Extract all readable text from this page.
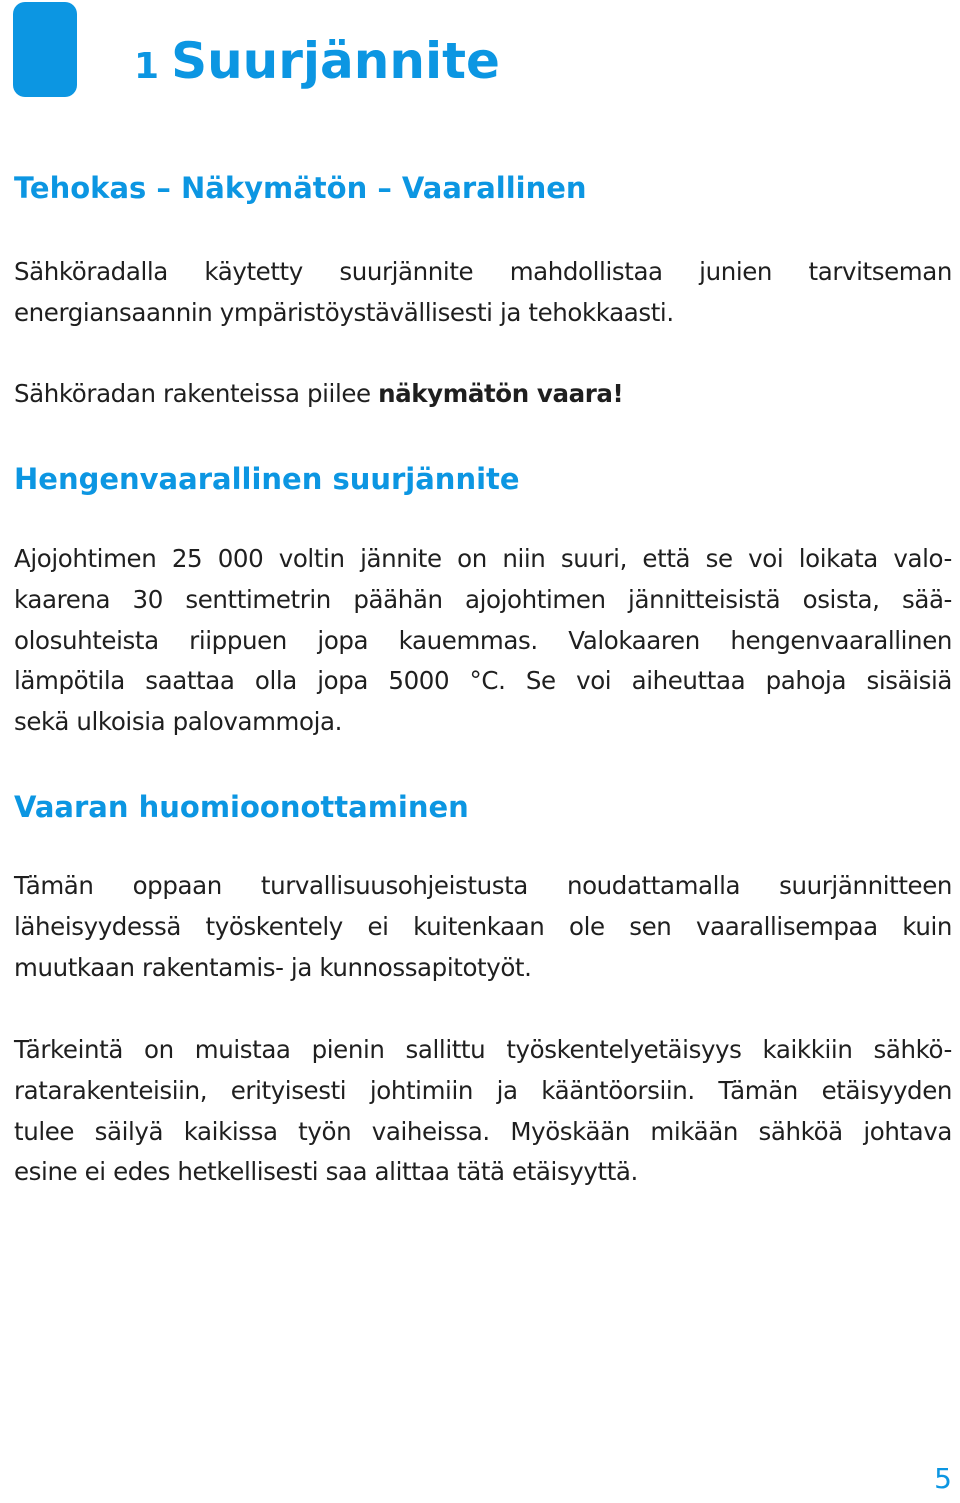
1 Suurjännite
Tehokas – Näkymätön – Vaarallinen

Sähköradalla käytetty suurjännite mahdollistaa junien tarvitseman
energiansaannin ympäristöystävällisesti ja tehokkaasti.

Sähköradan rakenteissa piilee näkymätön vaara!

Hengenvaarallinen suurjännite

Ajojohtimen 25 000 voltin jännite on niin suuri, että se voi loikata valo-
kaarena 30 senttimetrin päähän ajojohtimen jännitteisistä osista, sää-
olosuhteista riippuen jopa kauemmas. Valokaaren hengenvaarallinen
lämpötila saattaa olla jopa 5000 °C. Se voi aiheuttaa pahoja sisäisiä
sekä ulkoisia palovammoja.

Vaaran huomioonottaminen

Tämän oppaan turvallisuusohjeistusta noudattamalla suurjännitteen
läheisyydessä työskentely ei kuitenkaan ole sen vaarallisempaa kuin
muutkaan rakentamis- ja kunnossapitotyöt.

Tärkeintä on muistaa pienin sallittu työskentelyetäisyys kaikkiin sähkö-
ratarakenteisiin, erityisesti johtimiin ja kääntöorsiin. Tämän etäisyyden
tulee säilyä kaikissa työn vaiheissa. Myöskään mikään sähköä johtava
esine ei edes hetkellisesti saa alittaa tätä etäisyyttä.

5
